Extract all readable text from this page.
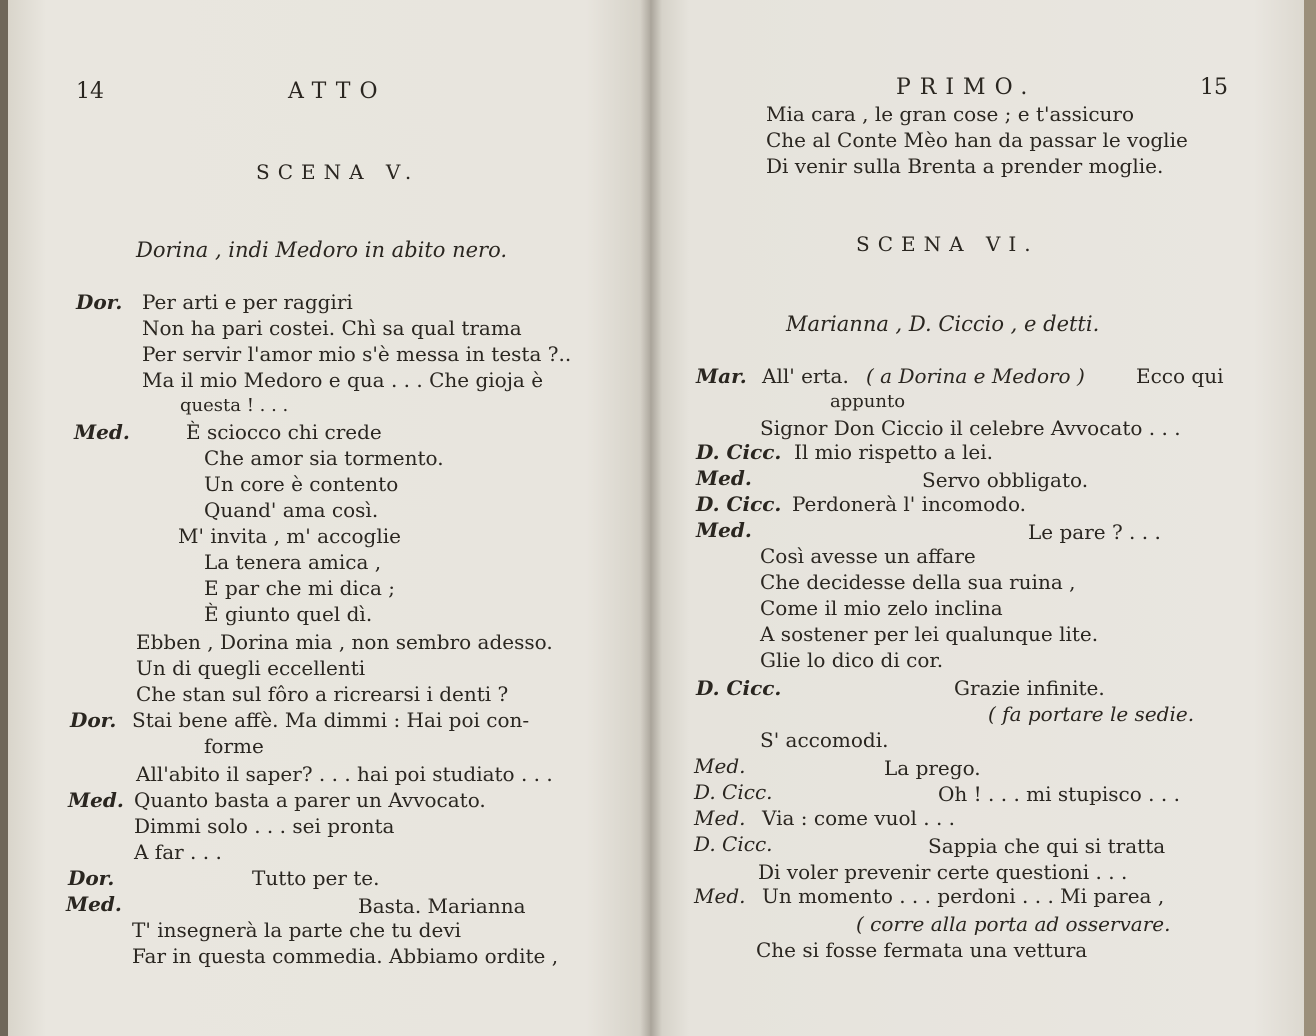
14	ATTO
SCENA V.
Dorina , indi Medoro in abito nero.
Dor. Per arti e per raggiri
Non ha pari costei. Chì sa qual trama
Per servir l'amor mio s'è messa in testa ?..
Ma il mio Medoro e qua . . . Che gioja è
questa ! . . .
Med.	È sciocco chi crede
Che amor sia tormento.
Un core è contento
Quand' ama così.
M' invita , m' accoglie
La tenera amica ,
E par che mi dica ;
È giunto quel dì.
Ebben , Dorina mia , non sembro adesso.
Un di quegli eccellenti
Che stan sul fôro a ricrearsi i denti ?
Dor. Stai bene affè. Ma dimmi : Hai poi con-
forme
All'abito il saper? . . . hai poi studiato . . .
Med. Quanto basta a parer un Avvocato.
Dimmi solo . . . sei pronta
A far . . .
Dor.	Tutto per te.
Med.	Basta. Marianna
T' insegnerà la parte che tu devi
Far in questa commedia. Abbiamo ordite ,
PRIMO.	15
Mia cara , le gran cose ; e t'assicuro
Che al Conte Mèo han da passar le voglie
Di venir sulla Brenta a prender moglie.
SCENA VI.
Marianna , D. Ciccio , e detti.
Mar. All' erta. ( a Dorina e Medoro )	Ecco qui
appunto
Signor Don Ciccio il celebre Avvocato . . .
D. Cicc. Il mio rispetto a lei.
Med.	Servo obbligato.
D. Cicc. Perdonerà l' incomodo.
Med.	Le pare ? . . .
Così avesse un affare
Che decidesse della sua ruina ,
Come il mio zelo inclina
A sostener per lei qualunque lite.
Glie lo dico di cor.
D. Cicc.	Grazie infinite.
( fa portare le sedie.
S' accomodi.
Med.	La prego.
D. Cicc.	Oh ! . . . mi stupisco . . .
Med. Via : come vuol . . .
D. Cicc.	Sappia che qui si tratta
Di voler prevenir certe questioni . . .
Med. Un momento . . . perdoni . . . Mi parea ,
( corre alla porta ad osservare.
Che si fosse fermata una vettura
